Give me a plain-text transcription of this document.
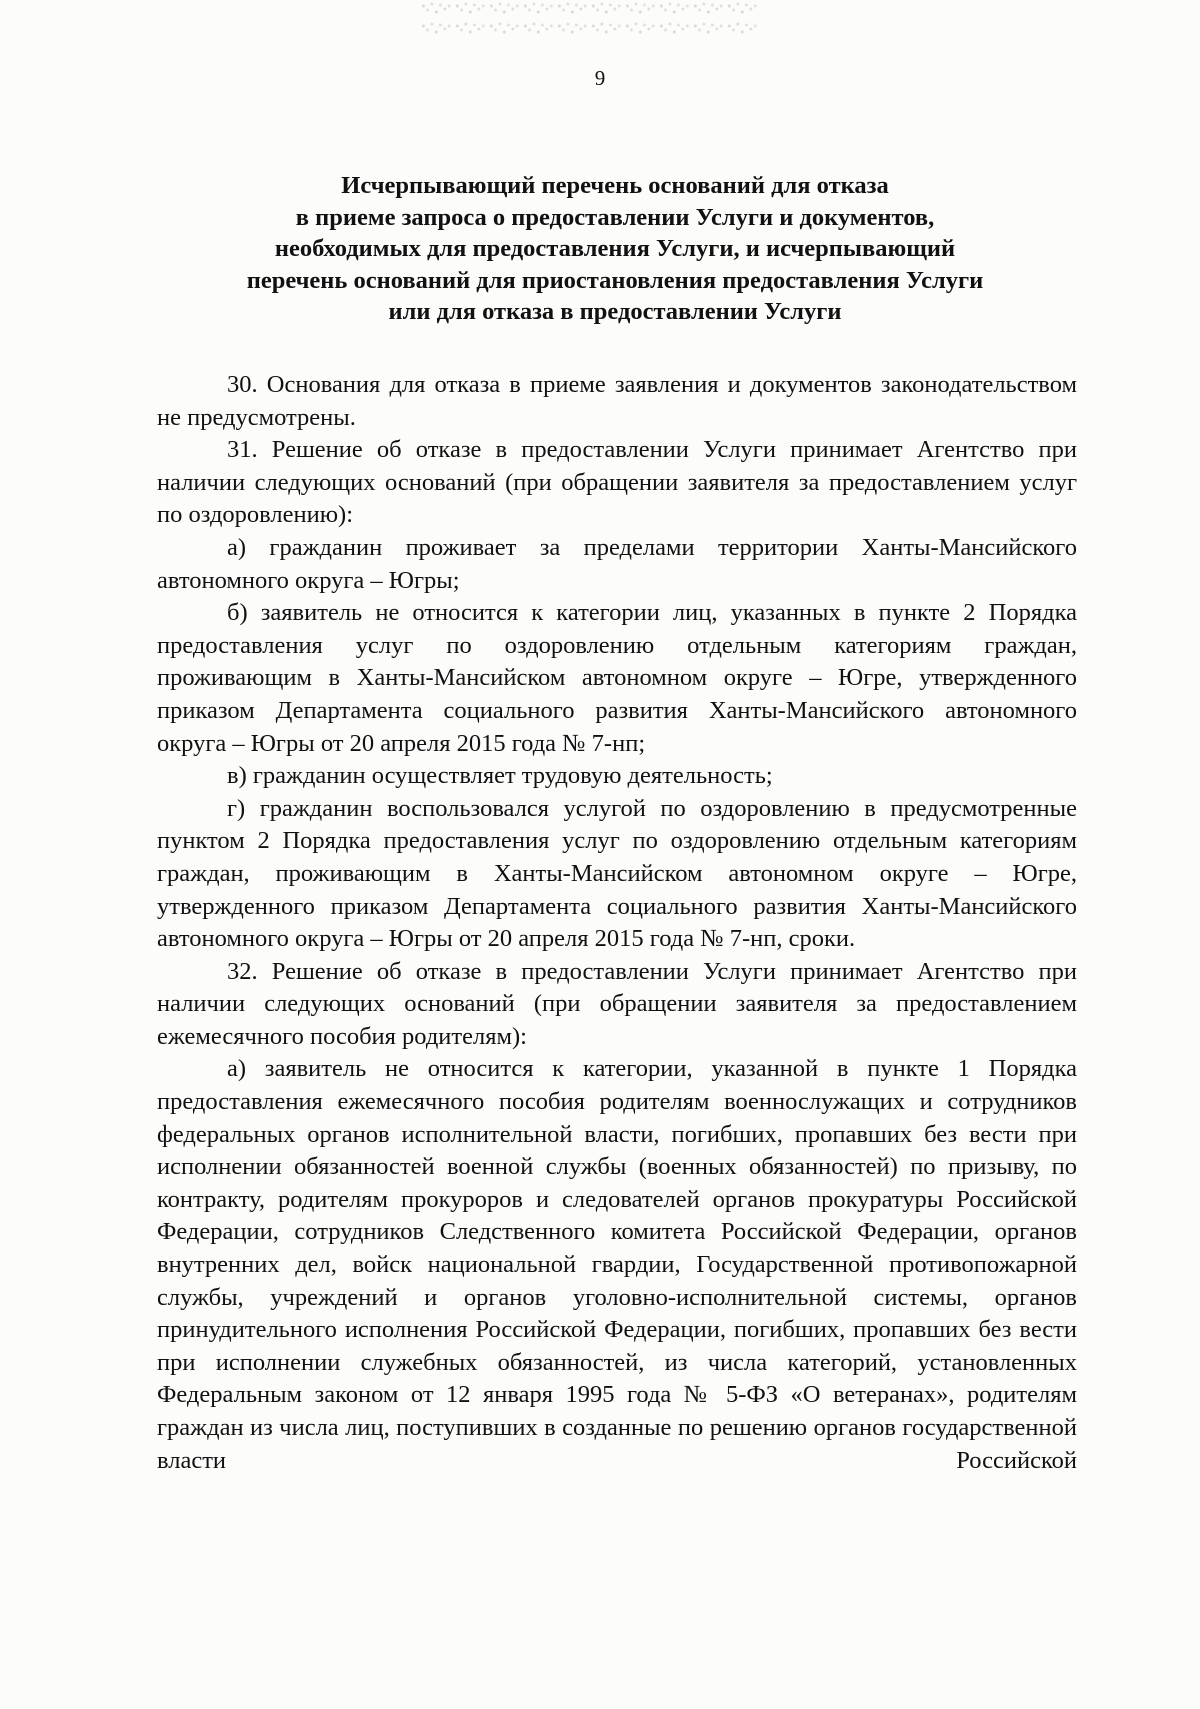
9
Исчерпывающий перечень оснований для отказа
в приеме запроса о предоставлении Услуги и документов,
необходимых для предоставления Услуги, и исчерпывающий
перечень оснований для приостановления предоставления Услуги
или для отказа в предоставлении Услуги

30. Основания для отказа в приеме заявления и документов законодательством не предусмотрены.

31. Решение об отказе в предоставлении Услуги принимает Агентство при наличии следующих оснований (при обращении заявителя за предоставлением услуг по оздоровлению):

а) гражданин проживает за пределами территории Ханты-Мансийского автономного округа – Югры;

б) заявитель не относится к категории лиц, указанных в пункте 2 Порядка предоставления услуг по оздоровлению отдельным категориям граждан, проживающим в Ханты-Мансийском автономном округе – Югре, утвержденного приказом Департамента социального развития Ханты-Мансийского автономного округа – Югры от 20 апреля 2015 года № 7-нп;

в) гражданин осуществляет трудовую деятельность;

г) гражданин воспользовался услугой по оздоровлению в предусмотренные пунктом 2 Порядка предоставления услуг по оздоровлению отдельным категориям граждан, проживающим в Ханты-Мансийском автономном округе – Югре, утвержденного приказом Департамента социального развития Ханты-Мансийского автономного округа – Югры от 20 апреля 2015 года № 7-нп, сроки.

32. Решение об отказе в предоставлении Услуги принимает Агентство при наличии следующих оснований (при обращении заявителя за предоставлением ежемесячного пособия родителям):

а) заявитель не относится к категории, указанной в пункте 1 Порядка предоставления ежемесячного пособия родителям военнослужащих и сотрудников федеральных органов исполнительной власти, погибших, пропавших без вести при исполнении обязанностей военной службы (военных обязанностей) по призыву, по контракту, родителям прокуроров и следователей органов прокуратуры Российской Федерации, сотрудников Следственного комитета Российской Федерации, органов внутренних дел, войск национальной гвардии, Государственной противопожарной службы, учреждений и органов уголовно-исполнительной системы, органов принудительного исполнения Российской Федерации, погибших, пропавших без вести при исполнении служебных обязанностей, из числа категорий, установленных Федеральным законом от 12 января 1995 года № 5-ФЗ «О ветеранах», родителям граждан из числа лиц, поступивших в созданные по решению органов государственной власти Российской
